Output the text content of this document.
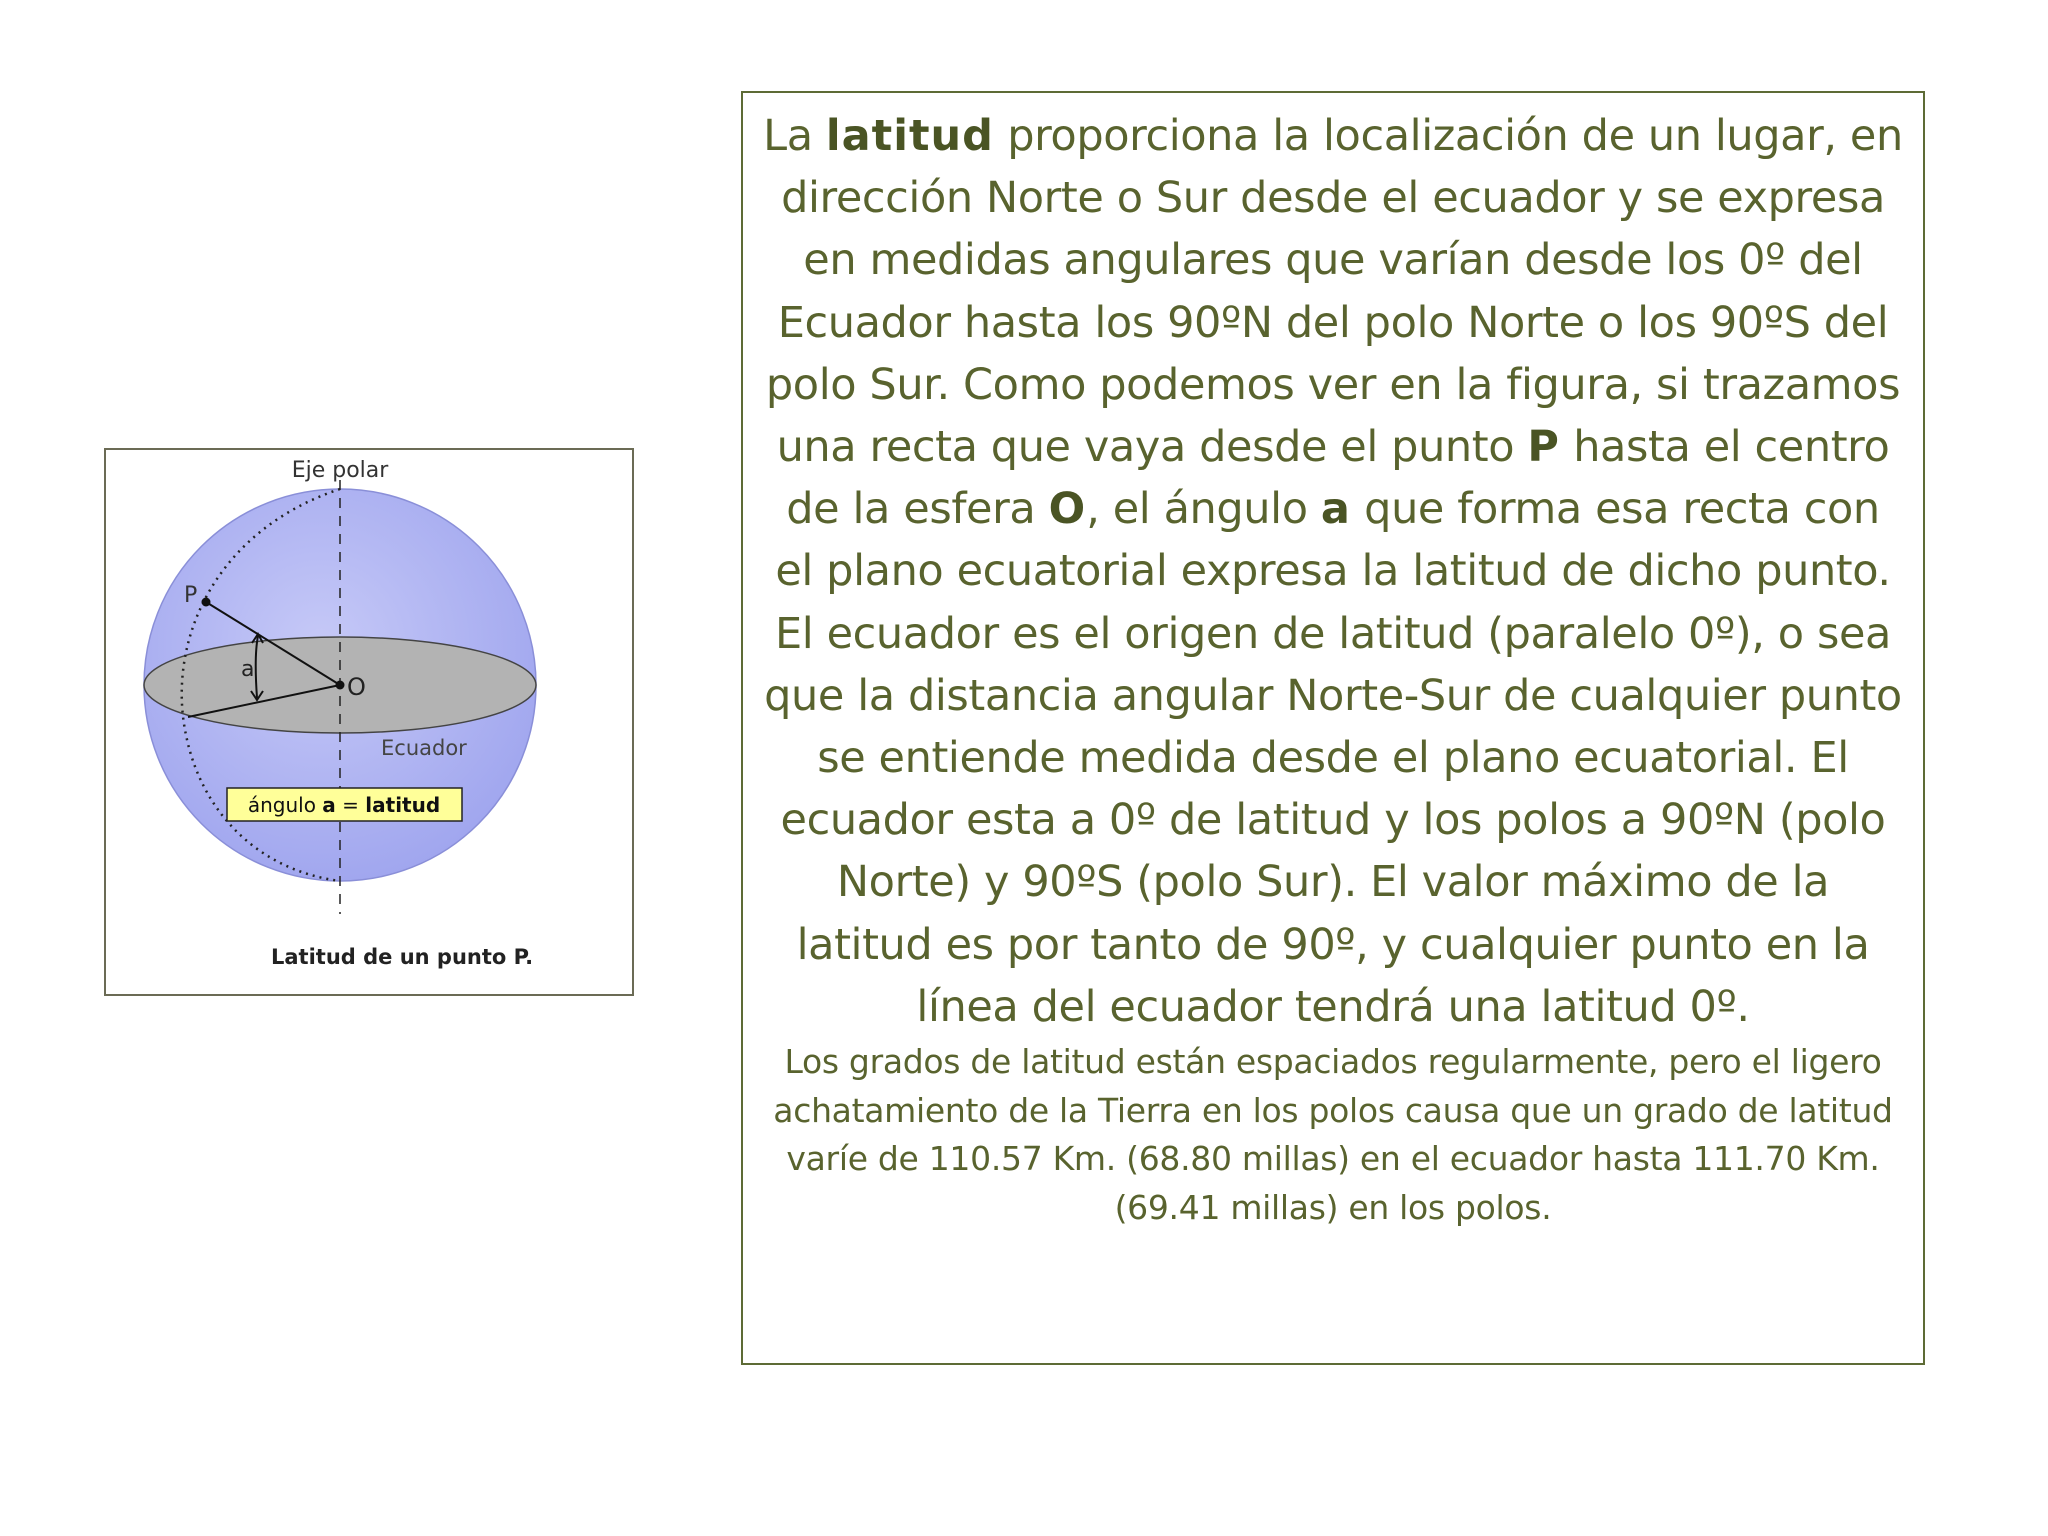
Eje polar
P
O
a
Ecuador
ángulo a = latitud
Latitud de un punto P.

La latitud proporciona la localización de un lugar, en dirección Norte o Sur desde el ecuador y se expresa en medidas angulares que varían desde los 0º del Ecuador hasta los 90ºN del polo Norte o los 90ºS del polo Sur. Como podemos ver en la figura, si trazamos una recta que vaya desde el punto P hasta el centro de la esfera O, el ángulo a que forma esa recta con el plano ecuatorial expresa la latitud de dicho punto.

El ecuador es el origen de latitud (paralelo 0º), o sea que la distancia angular Norte-Sur de cualquier punto se entiende medida desde el plano ecuatorial. El ecuador esta a 0º de latitud y los polos a 90ºN (polo Norte) y 90ºS (polo Sur). El valor máximo de la latitud es por tanto de 90º, y cualquier punto en la línea del ecuador tendrá una latitud 0º.

Los grados de latitud están espaciados regularmente, pero el ligero achatamiento de la Tierra en los polos causa que un grado de latitud varíe de 110.57 Km. (68.80 millas) en el ecuador hasta 111.70 Km. (69.41 millas) en los polos.
